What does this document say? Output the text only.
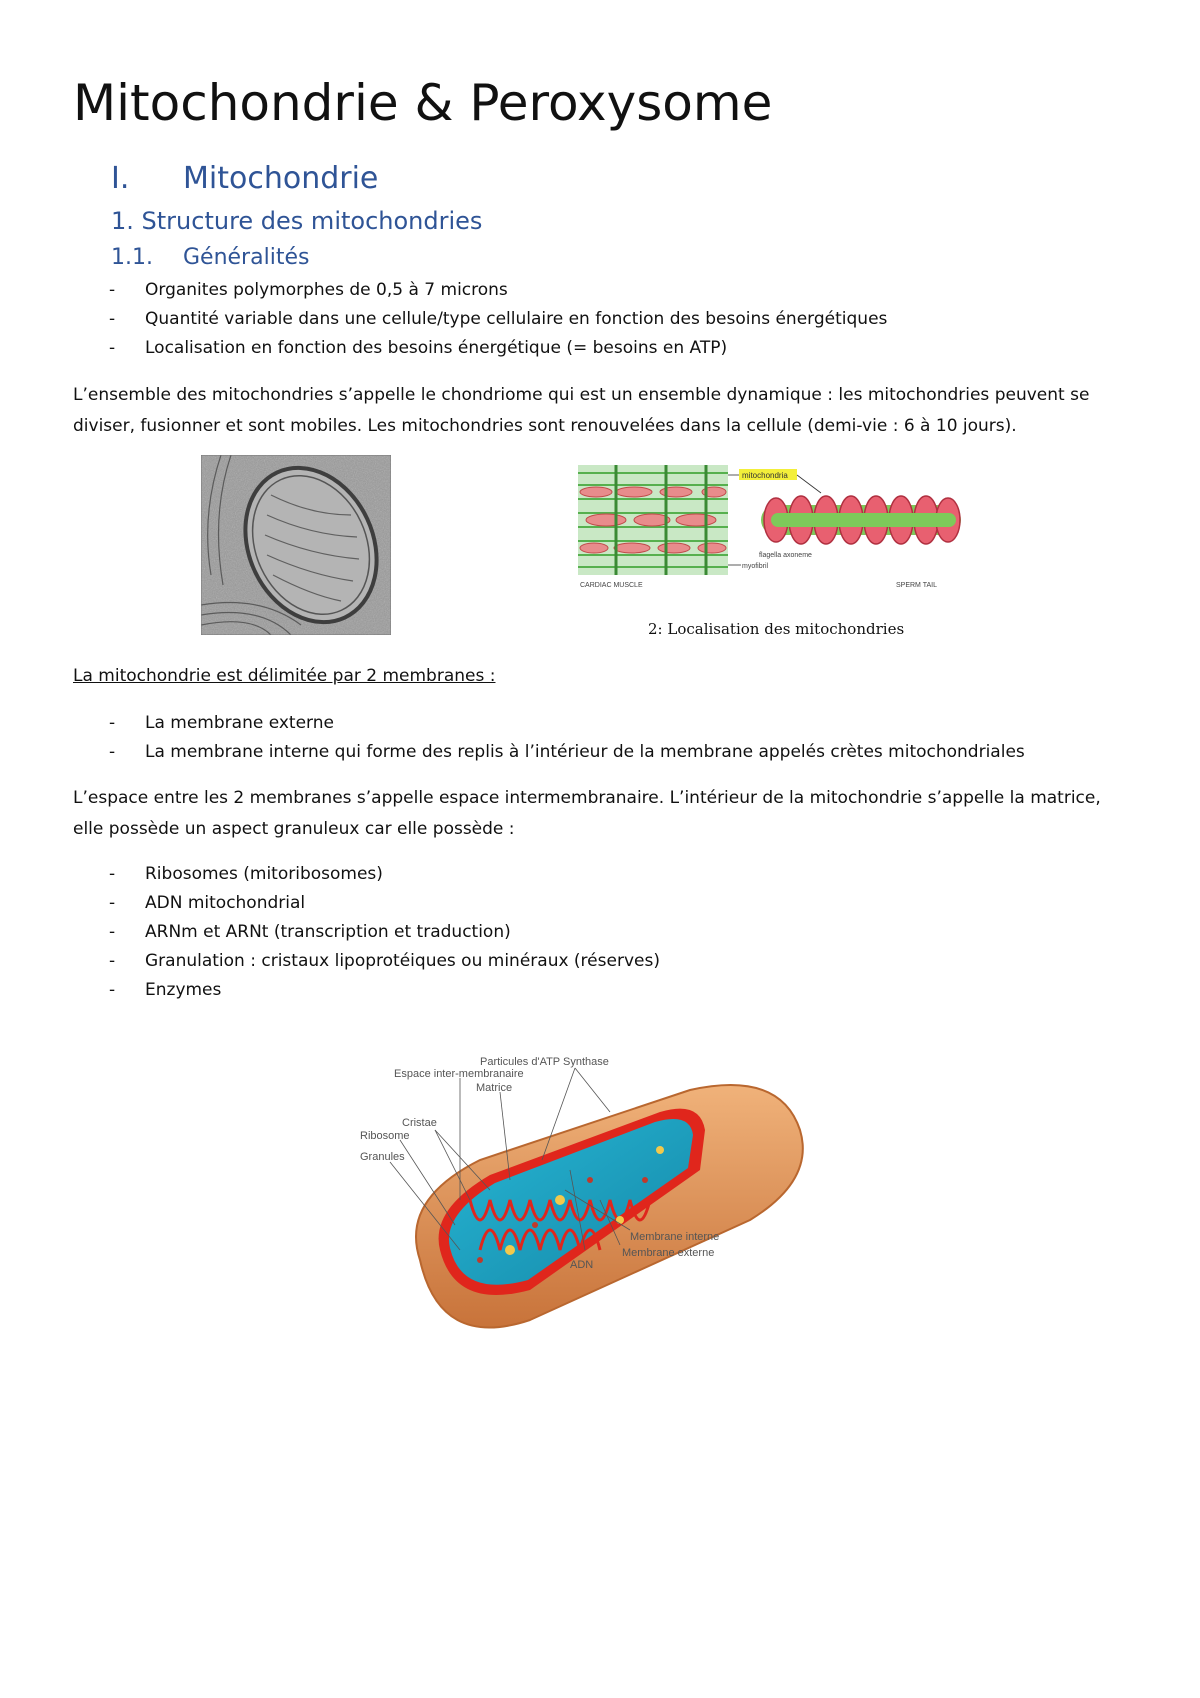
Mitochondrie & Peroxysome
I. Mitochondrie
1. Structure des mitochondries
1.1. Généralités
- Organites polymorphes de 0,5 à 7 microns
- Quantité variable dans une cellule/type cellulaire en fonction des besoins énergétiques
- Localisation en fonction des besoins énergétique (= besoins en ATP)

L’ensemble des mitochondries s’appelle le chondriome qui est un ensemble dynamique : les mitochondries peuvent se diviser, fusionner et sont mobiles. Les mitochondries sont renouvelées dans la cellule (demi-vie : 6 à 10 jours).

mitochondria
flagella axoneme
myofibril
CARDIAC MUSCLE	SPERM TAIL
2: Localisation des mitochondries
La mitochondrie est délimitée par 2 membranes :
- La membrane externe
- La membrane interne qui forme des replis à l’intérieur de la membrane appelés crètes mitochondriales

L’espace entre les 2 membranes s’appelle espace intermembranaire. L’intérieur de la mitochondrie s’appelle la matrice, elle possède un aspect granuleux car elle possède :

- Ribosomes (mitoribosomes)
- ADN mitochondrial
- ARNm et ARNt (transcription et traduction)
- Granulation : cristaux lipoprotéiques ou minéraux (réserves)
- Enzymes
Particules d'ATP Synthase
Espace inter-membranaire
Matrice
Cristae
Ribosome
Granules
Membrane interne
Membrane externe
ADN
